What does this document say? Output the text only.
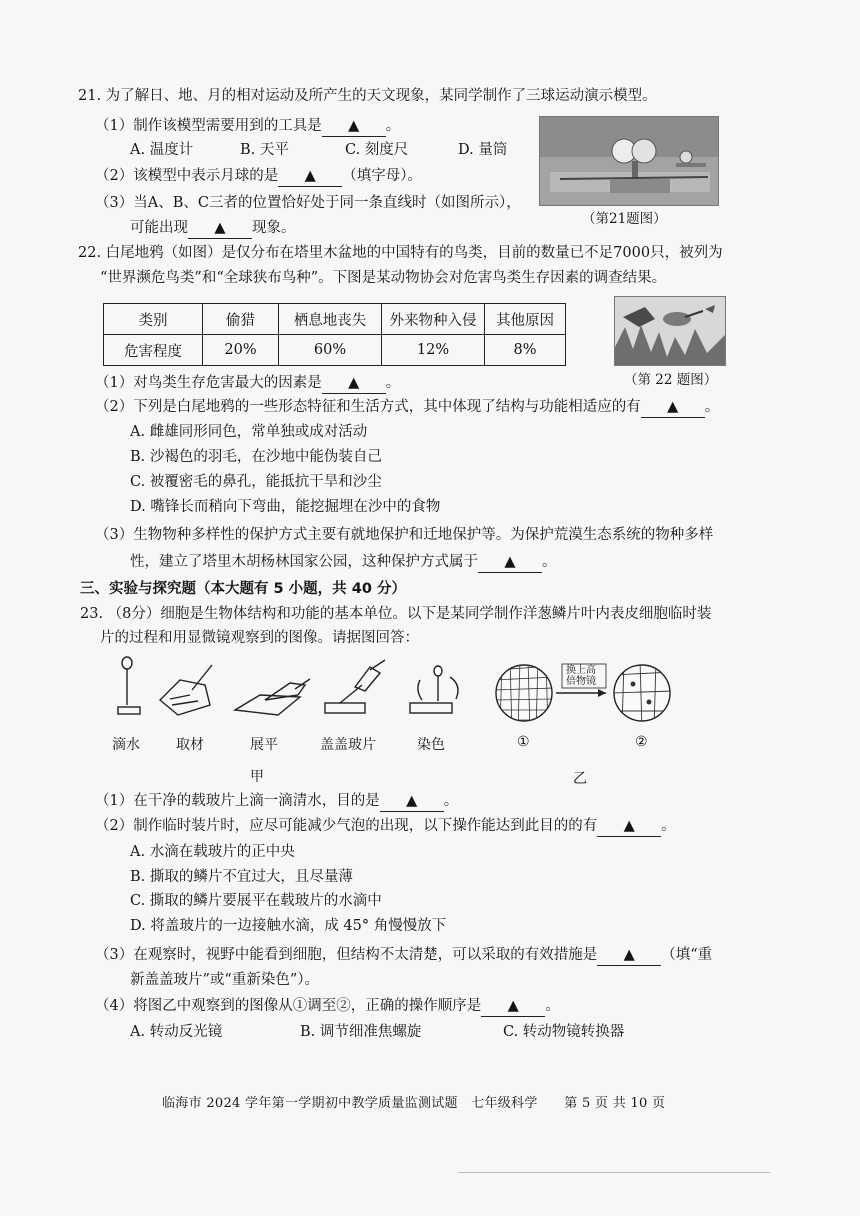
21. 为了解日、地、月的相对运动及所产生的天文现象，某同学制作了三球运动演示模型。
（1）制作该模型需要用到的工具是 ▲ 。
A. 温度计	B. 天平	C. 刻度尺	D. 量筒
（2）该模型中表示月球的是 ▲ （填字母）。
（3）当A、B、C三者的位置恰好处于同一条直线时（如图所示），
可能出现 ▲ 现象。
（第21题图）
22. 白尾地鸦（如图）是仅分布在塔里木盆地的中国特有的鸟类，目前的数量已不足7000只，被列为
“世界濒危鸟类”和“全球狭布鸟种”。下图是某动物协会对危害鸟类生存因素的调查结果。
类别	偷猎	栖息地丧失	外来物种入侵	其他原因
危害程度	20%	60%	12%	8%
（第 22 题图）
（1）对鸟类生存危害最大的因素是 ▲ 。
（2）下列是白尾地鸦的一些形态特征和生活方式，其中体现了结构与功能相适应的有 ▲ 。
A. 雌雄同形同色，常单独或成对活动
B. 沙褐色的羽毛，在沙地中能伪装自己
C. 被覆密毛的鼻孔，能抵抗干旱和沙尘
D. 嘴锋长而稍向下弯曲，能挖掘埋在沙中的食物
（3）生物物种多样性的保护方式主要有就地保护和迁地保护等。为保护荒漠生态系统的物种多样
性，建立了塔里木胡杨林国家公园，这种保护方式属于 ▲ 。
三、实验与探究题（本大题有 5 小题，共 40 分）
23. （8分）细胞是生物体结构和功能的基本单位。以下是某同学制作洋葱鳞片叶内表皮细胞临时装
片的过程和用显微镜观察到的图像。请据图回答：
滴水	取材	展平	盖盖玻片	染色
甲
换上高
倍物镜
①	②
乙
（1）在干净的载玻片上滴一滴清水，目的是 ▲ 。
（2）制作临时装片时，应尽可能减少气泡的出现，以下操作能达到此目的的有 ▲ 。
A. 水滴在载玻片的正中央
B. 撕取的鳞片不宜过大，且尽量薄
C. 撕取的鳞片要展平在载玻片的水滴中
D. 将盖玻片的一边接触水滴，成 45° 角慢慢放下
（3）在观察时，视野中能看到细胞，但结构不太清楚，可以采取的有效措施是 ▲ （填“重
新盖盖玻片”或“重新染色”）。
（4）将图乙中观察到的图像从①调至②，正确的操作顺序是 ▲ 。
A. 转动反光镜	B. 调节细准焦螺旋	C. 转动物镜转换器
临海市 2024 学年第一学期初中教学质量监测试题　七年级科学　　第 5 页 共 10 页
